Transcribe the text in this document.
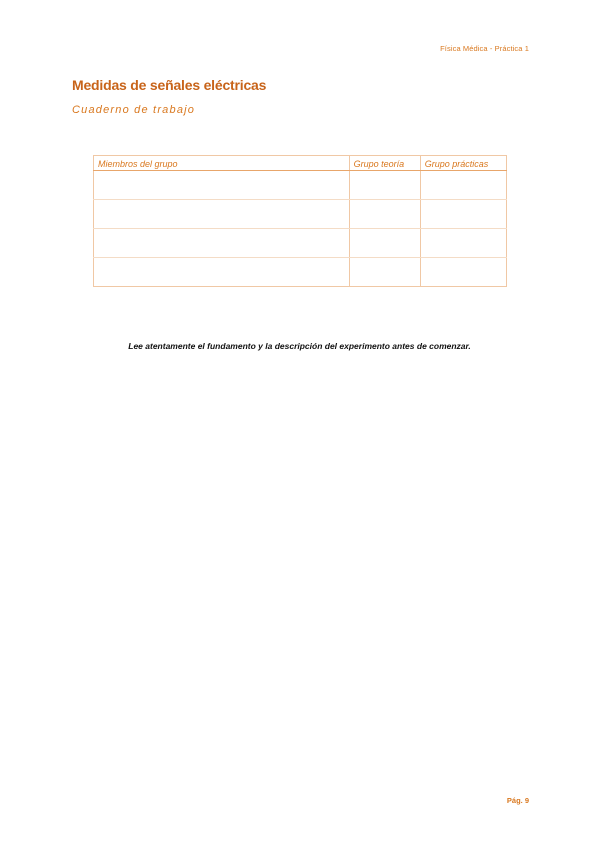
Física Médica - Práctica 1
Medidas de señales eléctricas
Cuaderno de trabajo
Miembros del grupo	Grupo teoría	Grupo prácticas

Lee atentamente el fundamento y la descripción del experimento antes de comenzar.
Pág. 9
